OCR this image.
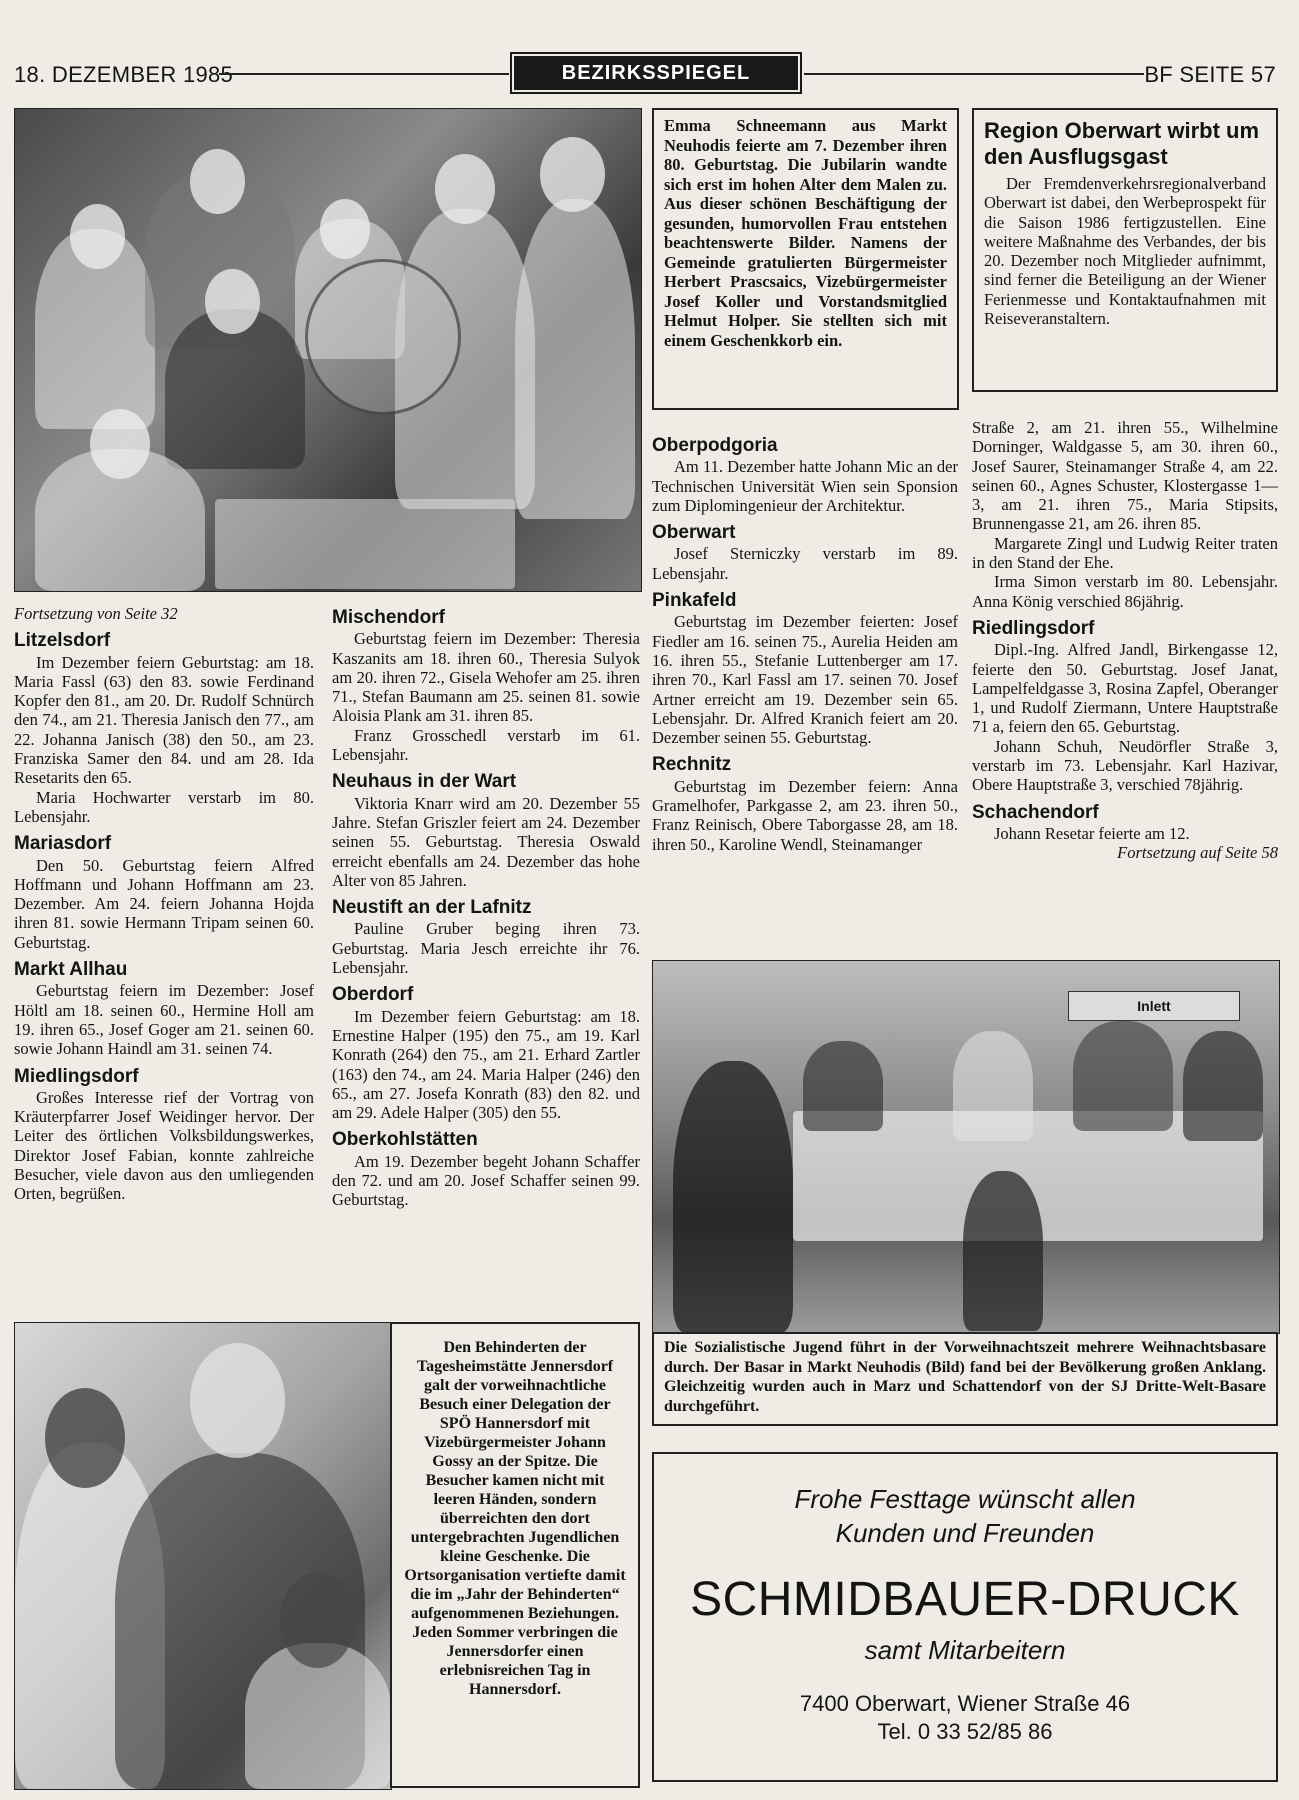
18. DEZEMBER 1985	BEZIRKSSPIEGEL	BF SEITE 57
Emma Schneemann aus Markt Neuhodis feierte am 7. Dezember ihren 80. Geburtstag. Die Jubilarin wandte sich erst im hohen Alter dem Malen zu. Aus dieser schönen Beschäftigung der gesunden, humorvollen Frau entstehen beachtenswerte Bilder. Namens der Gemeinde gratulierten Bürgermeister Herbert Prascsaics, Vizebürgermeister Josef Koller und Vorstandsmitglied Helmut Holper. Sie stellten sich mit einem Geschenkkorb ein.
Region Oberwart wirbt um den Ausflugsgast
Der Fremdenverkehrsregionalverband Oberwart ist dabei, den Werbeprospekt für die Saison 1986 fertigzustellen. Eine weitere Maßnahme des Verbandes, der bis 20. Dezember noch Mitglieder aufnimmt, sind ferner die Beteiligung an der Wiener Ferienmesse und Kontaktaufnahmen mit Reiseveranstaltern.
Fortsetzung von Seite 32
Litzelsdorf

Im Dezember feiern Geburtstag: am 18. Maria Fassl (63) den 83. sowie Ferdinand Kopfer den 81., am 20. Dr. Rudolf Schnürch den 74., am 21. Theresia Janisch den 77., am 22. Johanna Janisch (38) den 50., am 23. Franziska Samer den 84. und am 28. Ida Resetarits den 65.

Maria Hochwarter verstarb im 80. Lebensjahr.

Mariasdorf

Den 50. Geburtstag feiern Alfred Hoffmann und Johann Hoffmann am 23. Dezember. Am 24. feiern Johanna Hojda ihren 81. sowie Hermann Tripam seinen 60. Geburtstag.

Markt Allhau

Geburtstag feiern im Dezember: Josef Höltl am 18. seinen 60., Hermine Holl am 19. ihren 65., Josef Goger am 21. seinen 60. sowie Johann Haindl am 31. seinen 74.

Miedlingsdorf

Großes Interesse rief der Vortrag von Kräuterpfarrer Josef Weidinger hervor. Der Leiter des örtlichen Volksbildungswerkes, Direktor Josef Fabian, konnte zahlreiche Besucher, viele davon aus den umliegenden Orten, begrüßen.

Mischendorf

Geburtstag feiern im Dezember: Theresia Kaszanits am 18. ihren 60., Theresia Sulyok am 20. ihren 72., Gisela Wehofer am 25. ihren 71., Stefan Baumann am 25. seinen 81. sowie Aloisia Plank am 31. ihren 85.

Franz Grosschedl verstarb im 61. Lebensjahr.

Neuhaus in der Wart

Viktoria Knarr wird am 20. Dezember 55 Jahre. Stefan Griszler feiert am 24. Dezember seinen 55. Geburtstag. Theresia Oswald erreicht ebenfalls am 24. Dezember das hohe Alter von 85 Jahren.

Neustift an der Lafnitz

Pauline Gruber beging ihren 73. Geburtstag. Maria Jesch erreichte ihr 76. Lebensjahr.

Oberdorf

Im Dezember feiern Geburtstag: am 18. Ernestine Halper (195) den 75., am 19. Karl Konrath (264) den 75., am 21. Erhard Zartler (163) den 74., am 24. Maria Halper (246) den 65., am 27. Josefa Konrath (83) den 82. und am 29. Adele Halper (305) den 55.

Oberkohlstätten

Am 19. Dezember begeht Johann Schaffer den 72. und am 20. Josef Schaffer seinen 99. Geburtstag.

Oberpodgoria

Am 11. Dezember hatte Johann Mic an der Technischen Universität Wien sein Sponsion zum Diplomingenieur der Architektur.

Oberwart

Josef Sterniczky verstarb im 89. Lebensjahr.

Pinkafeld

Geburtstag im Dezember feierten: Josef Fiedler am 16. seinen 75., Aurelia Heiden am 16. ihren 55., Stefanie Luttenberger am 17. ihren 70., Karl Fassl am 17. seinen 70. Josef Artner erreicht am 19. Dezember sein 65. Lebensjahr. Dr. Alfred Kranich feiert am 20. Dezember seinen 55. Geburtstag.

Rechnitz

Geburtstag im Dezember feiern: Anna Gramelhofer, Parkgasse 2, am 23. ihren 50., Franz Reinisch, Obere Taborgasse 28, am 18. ihren 50., Karoline Wendl, Steinamanger

Straße 2, am 21. ihren 55., Wilhelmine Dorninger, Waldgasse 5, am 30. ihren 60., Josef Saurer, Steinamanger Straße 4, am 22. seinen 60., Agnes Schuster, Klostergasse 1—3, am 21. ihren 75., Maria Stipsits, Brunnengasse 21, am 26. ihren 85.

Margarete Zingl und Ludwig Reiter traten in den Stand der Ehe.

Irma Simon verstarb im 80. Lebensjahr. Anna König verschied 86jährig.

Riedlingsdorf

Dipl.-Ing. Alfred Jandl, Birkengasse 12, feierte den 50. Geburtstag. Josef Janat, Lampelfeldgasse 3, Rosina Zapfel, Oberanger 1, und Rudolf Ziermann, Untere Hauptstraße 71 a, feiern den 65. Geburtstag.

Johann Schuh, Neudörfler Straße 3, verstarb im 73. Lebensjahr. Karl Hazivar, Obere Hauptstraße 3, verschied 78jährig.

Schachendorf

Johann Resetar feierte am 12.

Fortsetzung auf Seite 58
Inlett
Die Sozialistische Jugend führt in der Vorweihnachtszeit mehrere Weihnachtsbasare durch. Der Basar in Markt Neuhodis (Bild) fand bei der Bevölkerung großen Anklang. Gleichzeitig wurden auch in Marz und Schattendorf von der SJ Dritte-Welt-Basare durchgeführt.
Den Behinderten der Tagesheimstätte Jennersdorf galt der vorweihnachtliche Besuch einer Delegation der SPÖ Hannersdorf mit Vizebürgermeister Johann Gossy an der Spitze. Die Besucher kamen nicht mit leeren Händen, sondern überreichten den dort untergebrachten Jugendlichen kleine Geschenke. Die Ortsorganisation vertiefte damit die im „Jahr der Behinderten“ aufgenommenen Beziehungen. Jeden Sommer verbringen die Jennersdorfer einen erlebnisreichen Tag in Hannersdorf.
Frohe Festtage wünscht allen
Kunden und Freunden
SCHMIDBAUER-DRUCK
samt Mitarbeitern
7400 Oberwart, Wiener Straße 46
Tel. 0 33 52/85 86
